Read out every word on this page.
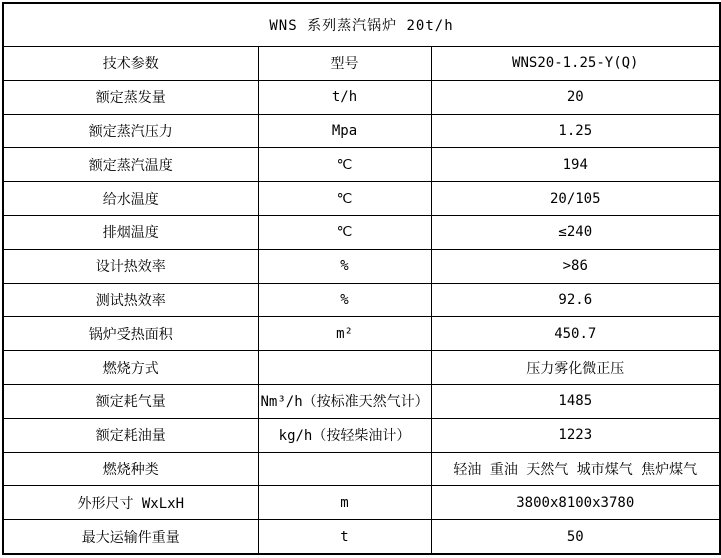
WNS 系列蒸汽锅炉 20t/h		
技术参数	型号	WNS20-1.25-Y(Q)
额定蒸发量	t/h	20
额定蒸汽压力	Mpa	1.25
额定蒸汽温度	℃	194
给水温度	℃	20/105
排烟温度	℃	≤240
设计热效率	%	>86
测试热效率	%	92.6
锅炉受热面积	m²	450.7
燃烧方式		压力雾化微正压
额定耗气量	Nm³/h（按标准天然气计）	1485
额定耗油量	kg/h（按轻柴油计）	1223
燃烧种类		轻油 重油 天然气 城市煤气 焦炉煤气
外形尺寸 WxLxH	m	3800x8100x3780
最大运输件重量	t	50
